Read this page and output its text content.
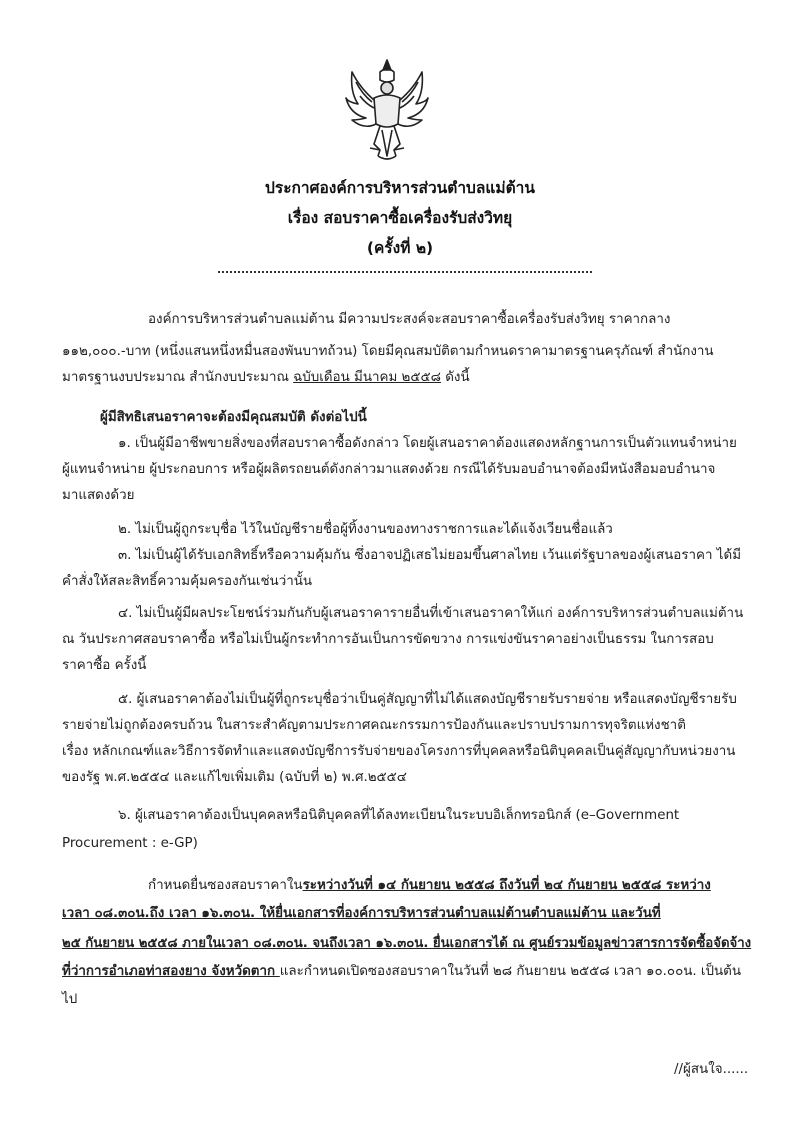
ประกาศองค์การบริหารส่วนตำบลแม่ต้าน
เรื่อง สอบราคาซื้อเครื่องรับส่งวิทยุ
(ครั้งที่ ๒)
องค์การบริหารส่วนตำบลแม่ต้าน มีความประสงค์จะสอบราคาซื้อเครื่องรับส่งวิทยุ ราคากลาง
๑๑๒,๐๐๐.-บาท (หนึ่งแสนหนึ่งหมื่นสองพันบาทถ้วน) โดยมีคุณสมบัติตามกำหนดราคามาตรฐานครุภัณฑ์ สำนักงาน
มาตรฐานงบประมาณ สำนักงบประมาณ ฉบับเดือน มีนาคม ๒๕๕๘ ดังนี้
ผู้มีสิทธิเสนอราคาจะต้องมีคุณสมบัติ ดังต่อไปนี้
๑. เป็นผู้มีอาชีพขายสิ่งของที่สอบราคาซื้อดังกล่าว โดยผู้เสนอราคาต้องแสดงหลักฐานการเป็นตัวแทนจำหน่าย
ผู้แทนจำหน่าย ผู้ประกอบการ หรือผู้ผลิตรถยนต์ดังกล่าวมาแสดงด้วย กรณีได้รับมอบอำนาจต้องมีหนังสือมอบอำนาจ
มาแสดงด้วย
๒. ไม่เป็นผู้ถูกระบุชื่อ ไว้ในบัญชีรายชื่อผู้ทิ้งงานของทางราชการและได้แจ้งเวียนชื่อแล้ว
๓. ไม่เป็นผู้ได้รับเอกสิทธิ์หรือความคุ้มกัน ซึ่งอาจปฏิเสธไม่ยอมขึ้นศาลไทย เว้นแต่รัฐบาลของผู้เสนอราคา ได้มี
คำสั่งให้สละสิทธิ์ความคุ้มครองกันเช่นว่านั้น
๔. ไม่เป็นผู้มีผลประโยชน์ร่วมกันกับผู้เสนอราคารายอื่นที่เข้าเสนอราคาให้แก่ องค์การบริหารส่วนตำบลแม่ต้าน
ณ วันประกาศสอบราคาซื้อ หรือไม่เป็นผู้กระทำการอันเป็นการขัดขวาง การแข่งขันราคาอย่างเป็นธรรม ในการสอบ
ราคาซื้อ ครั้งนี้
๕. ผู้เสนอราคาต้องไม่เป็นผู้ที่ถูกระบุชื่อว่าเป็นคู่สัญญาที่ไม่ได้แสดงบัญชีรายรับรายจ่าย หรือแสดงบัญชีรายรับ
รายจ่ายไม่ถูกต้องครบถ้วน ในสาระสำคัญตามประกาศคณะกรรมการป้องกันและปราบปรามการทุจริตแห่งชาติ
เรื่อง หลักเกณฑ์และวิธีการจัดทำและแสดงบัญชีการรับจ่ายของโครงการที่บุคคลหรือนิติบุคคลเป็นคู่สัญญากับหน่วยงาน
ของรัฐ พ.ศ.๒๕๕๔ และแก้ไขเพิ่มเติม (ฉบับที่ ๒) พ.ศ.๒๕๕๔
๖. ผู้เสนอราคาต้องเป็นบุคคลหรือนิติบุคคลที่ได้ลงทะเบียนในระบบอิเล็กทรอนิกส์ (e–Government
Procurement : e-GP)
กำหนดยื่นซองสอบราคาในระหว่างวันที่ ๑๔ กันยายน ๒๕๕๘ ถึงวันที่ ๒๔ กันยายน ๒๕๕๘ ระหว่าง
เวลา ๐๘.๓๐น.ถึง เวลา ๑๖.๓๐น. ให้ยื่นเอกสารที่องค์การบริหารส่วนตำบลแม่ต้านตำบลแม่ต้าน และวันที่
๒๕ กันยายน ๒๕๕๘ ภายในเวลา ๐๘.๓๐น. จนถึงเวลา ๑๖.๓๐น. ยื่นเอกสารได้ ณ ศูนย์รวมข้อมูลข่าวสารการจัดซื้อจัดจ้าง
ที่ว่าการอำเภอท่าสองยาง จังหวัดตาก และกำหนดเปิดซองสอบราคาในวันที่ ๒๘ กันยายน ๒๕๕๘ เวลา ๑๐.๐๐น. เป็นต้น
ไป
//ผู้สนใจ......
